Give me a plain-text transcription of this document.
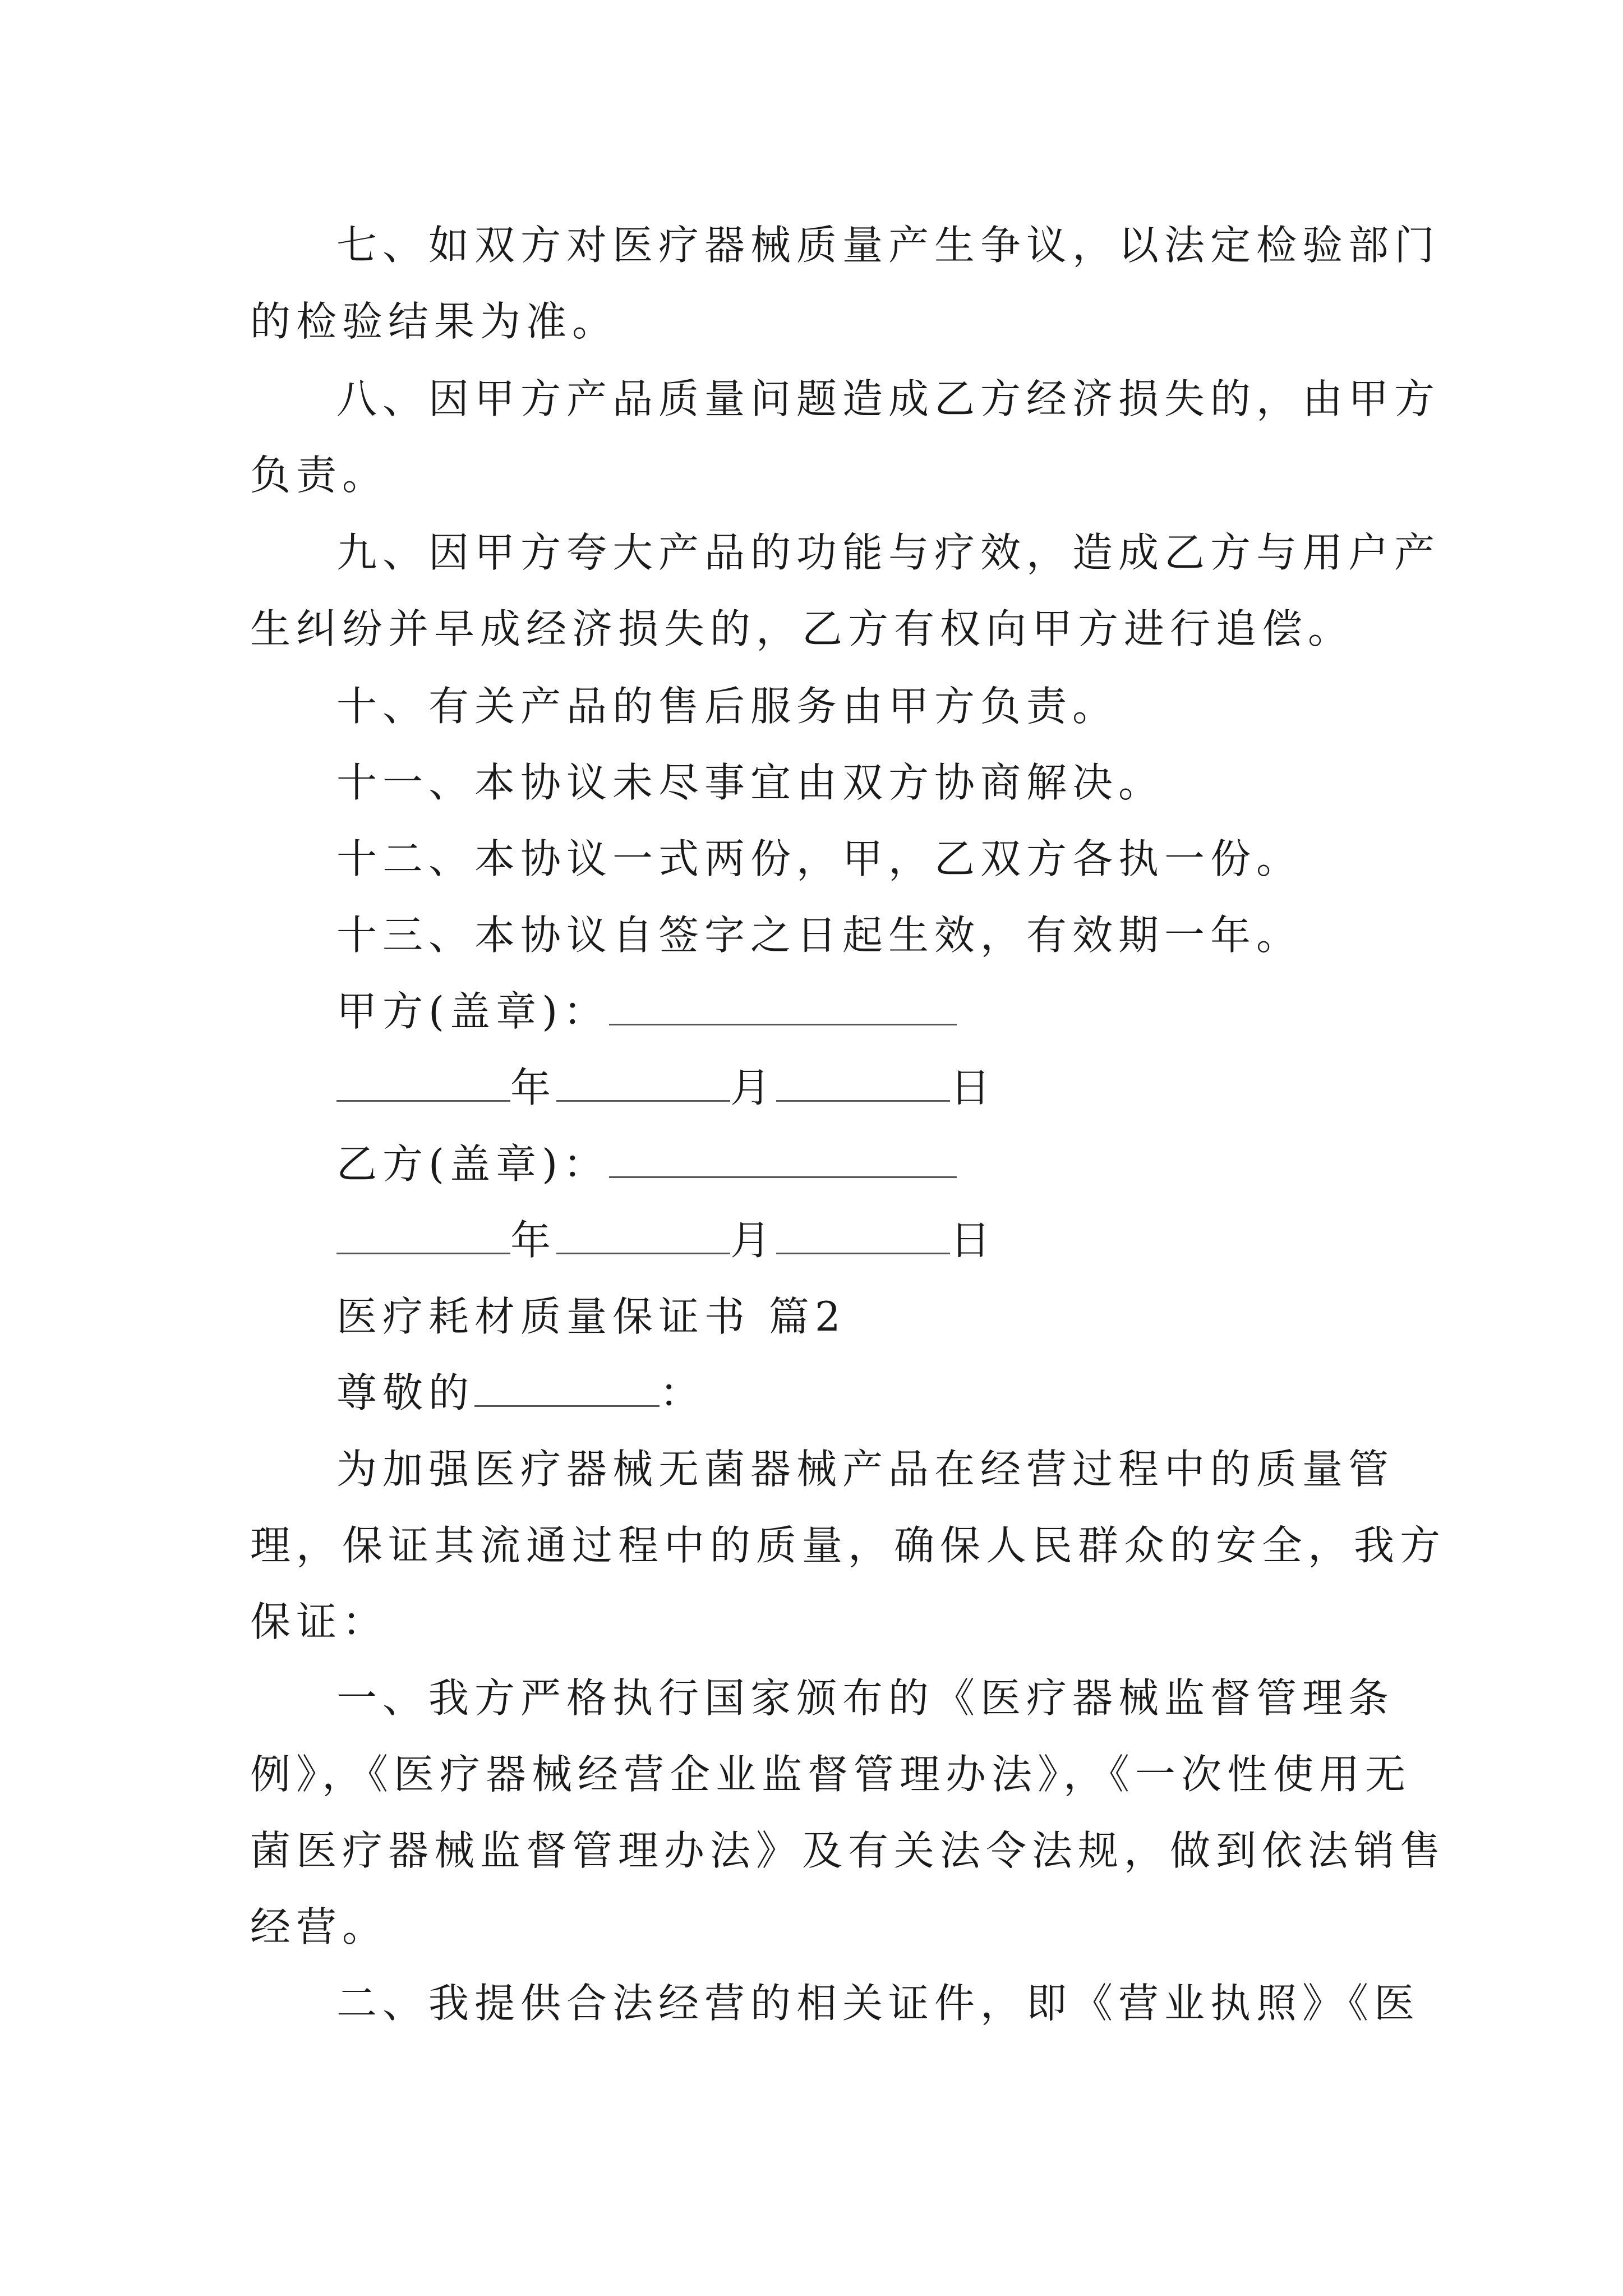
七、如双方对医疗器械质量产生争议，以法定检验部门
的检验结果为准。
八、因甲方产品质量问题造成乙方经济损失的，由甲方
负责。
九、因甲方夸大产品的功能与疗效，造成乙方与用户产
生纠纷并早成经济损失的，乙方有权向甲方进行追偿。
十、有关产品的售后服务由甲方负责。
十一、本协议未尽事宜由双方协商解决。
十二、本协议一式两份，甲，乙双方各执一份。
十三、本协议自签字之日起生效，有效期一年。
甲方(盖章)：
年	月	日
乙方(盖章)：
年	月	日
医疗耗材质量保证书 篇2
尊敬的	：
为加强医疗器械无菌器械产品在经营过程中的质量管
理，保证其流通过程中的质量，确保人民群众的安全，我方
保证：
一、我方严格执行国家颁布的《医疗器械监督管理条
例》，《医疗器械经营企业监督管理办法》，《一次性使用无
菌医疗器械监督管理办法》及有关法令法规，做到依法销售
经营。
二、我提供合法经营的相关证件，即《营业执照》《医
